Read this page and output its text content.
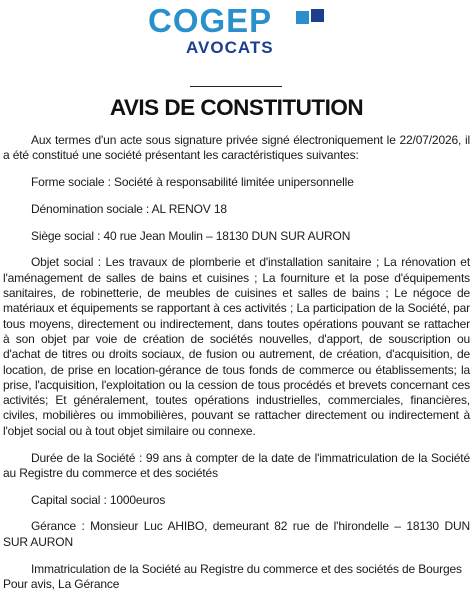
COGEP
AVOCATS
AVIS DE CONSTITUTION

Aux termes d'un acte sous signature privée signé électroniquement le 22/07/2026, il a été constitué une société présentant les caractéristiques suivantes:

Forme sociale : Société à responsabilité limitée unipersonnelle

Dénomination sociale : AL RENOV 18

Siège social : 40 rue Jean Moulin – 18130 DUN SUR AURON

Objet social : Les travaux de plomberie et d'installation sanitaire ; La rénovation et l'aménagement de salles de bains et cuisines ; La fourniture et la pose d'équipements sanitaires, de robinetterie, de meubles de cuisines et salles de bains ; Le négoce de matériaux et équipements se rapportant à ces activités ; La participation de la Société, par tous moyens, directement ou indirectement, dans toutes opérations pouvant se rattacher à son objet par voie de création de sociétés nouvelles, d'apport, de souscription ou d'achat de titres ou droits sociaux, de fusion ou autrement, de création, d'acquisition, de location, de prise en location-gérance de tous fonds de commerce ou établissements; la prise, l'acquisition, l'exploitation ou la cession de tous procédés et brevets concernant ces activités; Et généralement, toutes opérations industrielles, commerciales, financières, civiles, mobilières ou immobilières, pouvant se rattacher directement ou indirectement à l'objet social ou à tout objet similaire ou connexe.

Durée de la Société : 99 ans à compter de la date de l'immatriculation de la Société au Registre du commerce et des sociétés

Capital social : 1000euros

Gérance : Monsieur Luc AHIBO, demeurant 82 rue de l'hirondelle – 18130 DUN SUR AURON

Immatriculation de la Société au Registre du commerce et des sociétés de Bourges

Pour avis, La Gérance
